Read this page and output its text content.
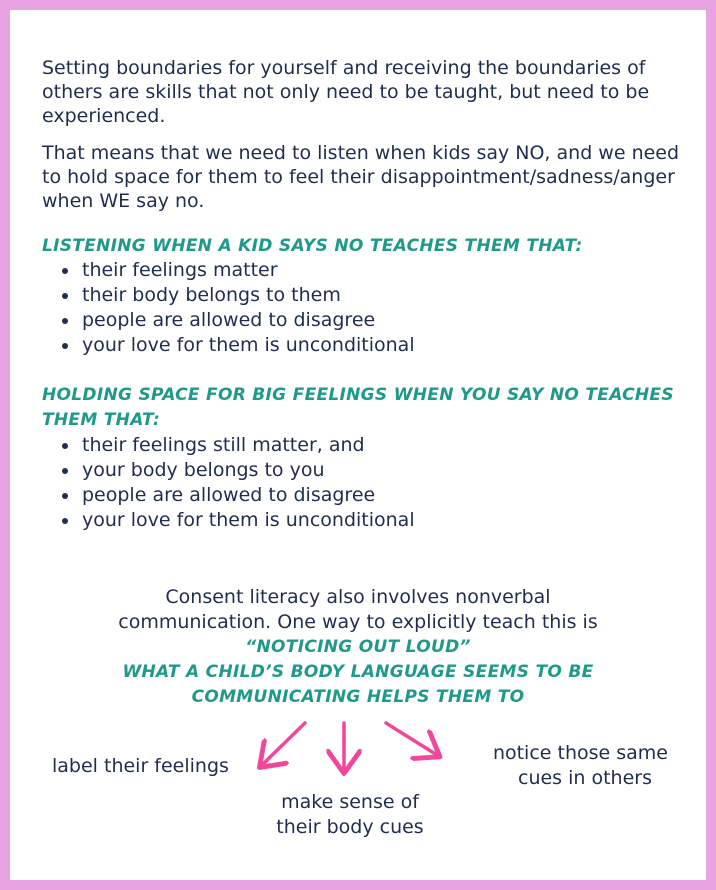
Setting boundaries for yourself and receiving the boundaries of others are skills that not only need to be taught, but need to be experienced.

That means that we need to listen when kids say NO, and we need to hold space for them to feel their disappointment/sadness/anger when WE say no.

LISTENING WHEN A KID SAYS NO TEACHES THEM THAT:

their feelings matter
their body belongs to them
people are allowed to disagree
your love for them is unconditional

HOLDING SPACE FOR BIG FEELINGS WHEN YOU SAY NO TEACHES

THEM THAT:

their feelings still matter, and
your body belongs to you
people are allowed to disagree
your love for them is unconditional

Consent literacy also involves nonverbal

communication. One way to explicitly teach this is

“NOTICING OUT LOUD”

WHAT A CHILD’S BODY LANGUAGE SEEMS TO BE

COMMUNICATING HELPS THEM TO

label their feelings

make sense of

their body cues

notice those same

cues in others
